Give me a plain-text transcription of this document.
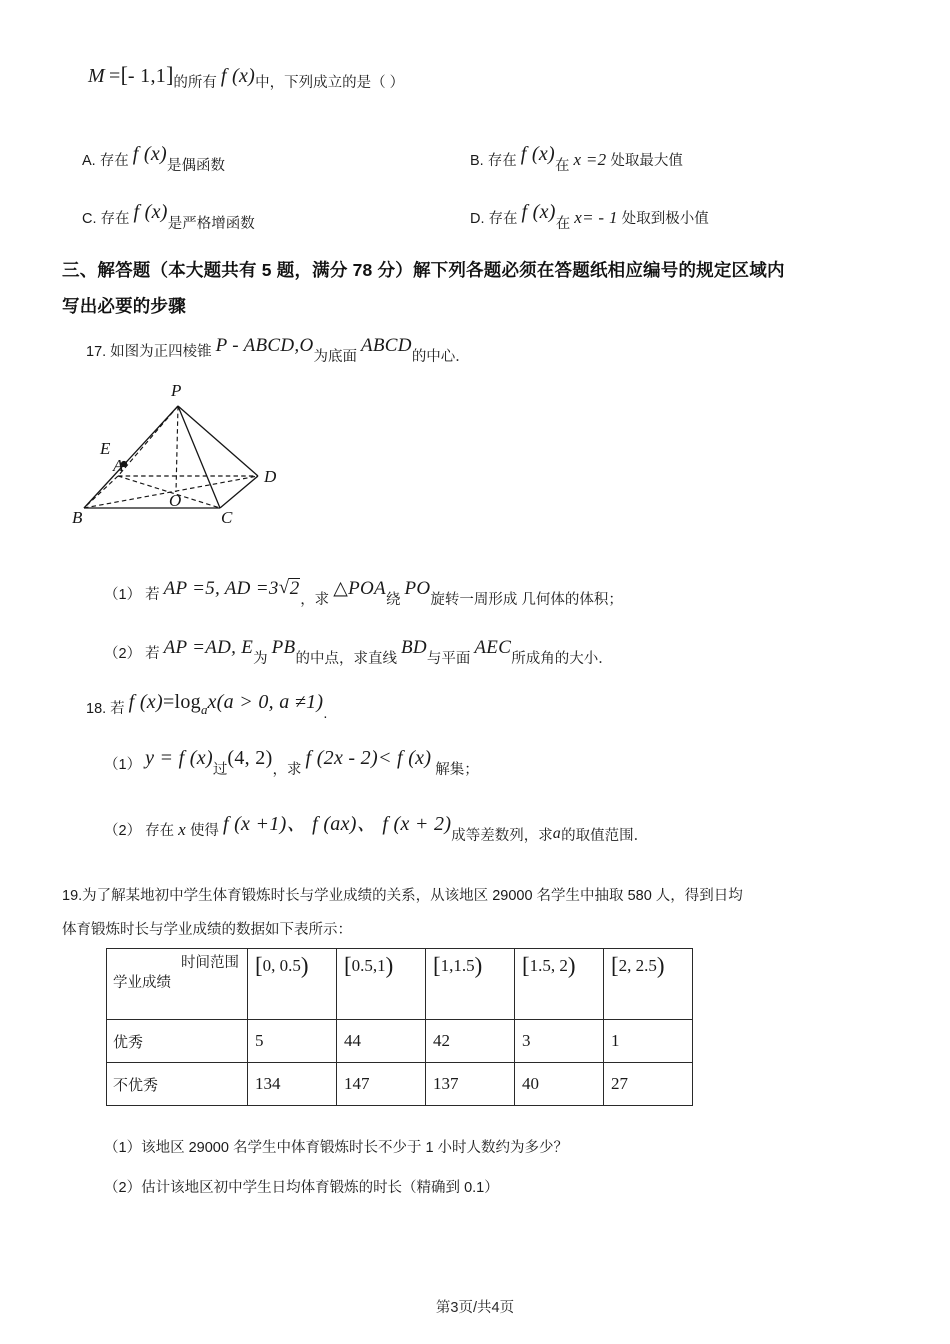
M =[- 1,1]的所有 f (x)中，下列成立的是（ ）
A. 存在 f (x)是偶函数	B. 存在 f (x)在 x =2 处取最大值
C. 存在 f (x)是严格增函数	D. 存在 f (x)在 x= - 1 处取到极小值
三、解答题（本大题共有 5 题，满分 78 分）解下列各题必须在答题纸相应编号的规定区域内
写出必要的步骤
17. 如图为正四棱锥 P - ABCD,O为底面 ABCD的中心．
P
E
A
B	C
D
O
（1） 若 AP =5, AD =3 √ 2，求 △POA绕 PO旋转一周形成 几何体的体积；
（2） 若 AP =AD, E为 PB的中点，求直线 BD与平面 AEC所成角的大小．
18. 若 f $(x)=\log_ax(a > 0$, a ≠1).
（1） y = f (x)过(4, 2)，求 f (2x - 2)< f (x) 解集；
（2） 存在 x 使得 f (x +1)、 f (ax)、 f (x + 2)成等差数列，求a的取值范围．
19.为了解某地初中学生体育锻炼时长与学业成绩的关系，从该地区 29000 名学生中抽取 580 人，得到日均
体育锻炼时长与学业成绩的数据如下表所示：
时间范围
学业成绩	[0, 0.5)	[0.5,1)	[1,1.5)	[1.5, 2)	[2, 2.5)
优秀	5	44	42	3	1
不优秀	134	147	137	40	27
（1）该地区 29000 名学生中体育锻炼时长不少于 1 小时人数约为多少？
（2）估计该地区初中学生日均体育锻炼的时长（精确到 0.1）
第3页/共4页
